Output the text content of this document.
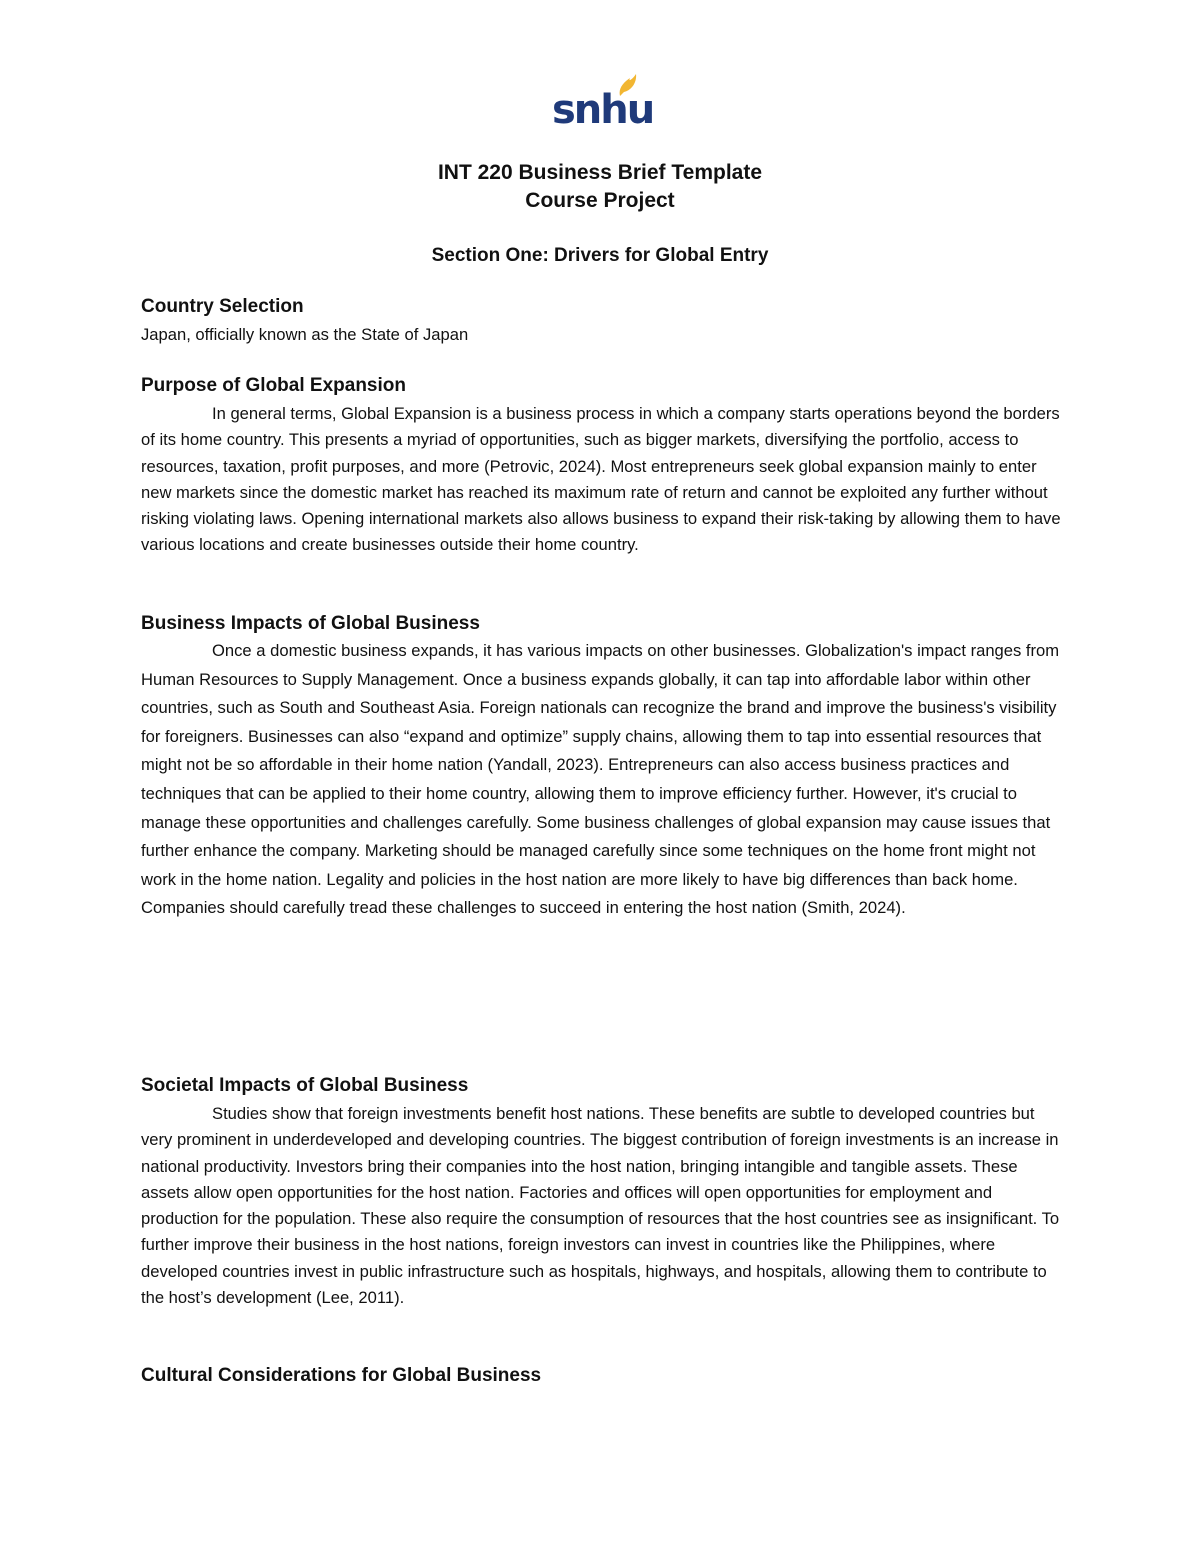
snhu
INT 220 Business Brief Template
Course Project
Section One: Drivers for Global Entry
Country Selection

Japan, officially known as the State of Japan

Purpose of Global Expansion

In general terms, Global Expansion is a business process in which a company starts operations beyond the borders of its home country. This presents a myriad of opportunities, such as bigger markets, diversifying the portfolio, access to resources, taxation, profit purposes, and more (Petrovic, 2024). Most entrepreneurs seek global expansion mainly to enter new markets since the domestic market has reached its maximum rate of return and cannot be exploited any further without risking violating laws. Opening international markets also allows business to expand their risk-taking by allowing them to have various locations and create businesses outside their home country.

Business Impacts of Global Business

Once a domestic business expands, it has various impacts on other businesses. Globalization's impact ranges from Human Resources to Supply Management. Once a business expands globally, it can tap into affordable labor within other countries, such as South and Southeast Asia. Foreign nationals can recognize the brand and improve the business's visibility for foreigners. Businesses can also “expand and optimize” supply chains, allowing them to tap into essential resources that might not be so affordable in their home nation (Yandall, 2023). Entrepreneurs can also access business practices and techniques that can be applied to their home country, allowing them to improve efficiency further. However, it's crucial to manage these opportunities and challenges carefully. Some business challenges of global expansion may cause issues that further enhance the company. Marketing should be managed carefully since some techniques on the home front might not work in the home nation. Legality and policies in the host nation are more likely to have big differences than back home. Companies should carefully tread these challenges to succeed in entering the host nation (Smith, 2024).

Societal Impacts of Global Business

Studies show that foreign investments benefit host nations. These benefits are subtle to developed countries but very prominent in underdeveloped and developing countries. The biggest contribution of foreign investments is an increase in national productivity. Investors bring their companies into the host nation, bringing intangible and tangible assets. These assets allow open opportunities for the host nation. Factories and offices will open opportunities for employment and production for the population. These also require the consumption of resources that the host countries see as insignificant. To further improve their business in the host nations, foreign investors can invest in countries like the Philippines, where developed countries invest in public infrastructure such as hospitals, highways, and hospitals, allowing them to contribute to the host’s development (Lee, 2011).

Cultural Considerations for Global Business
